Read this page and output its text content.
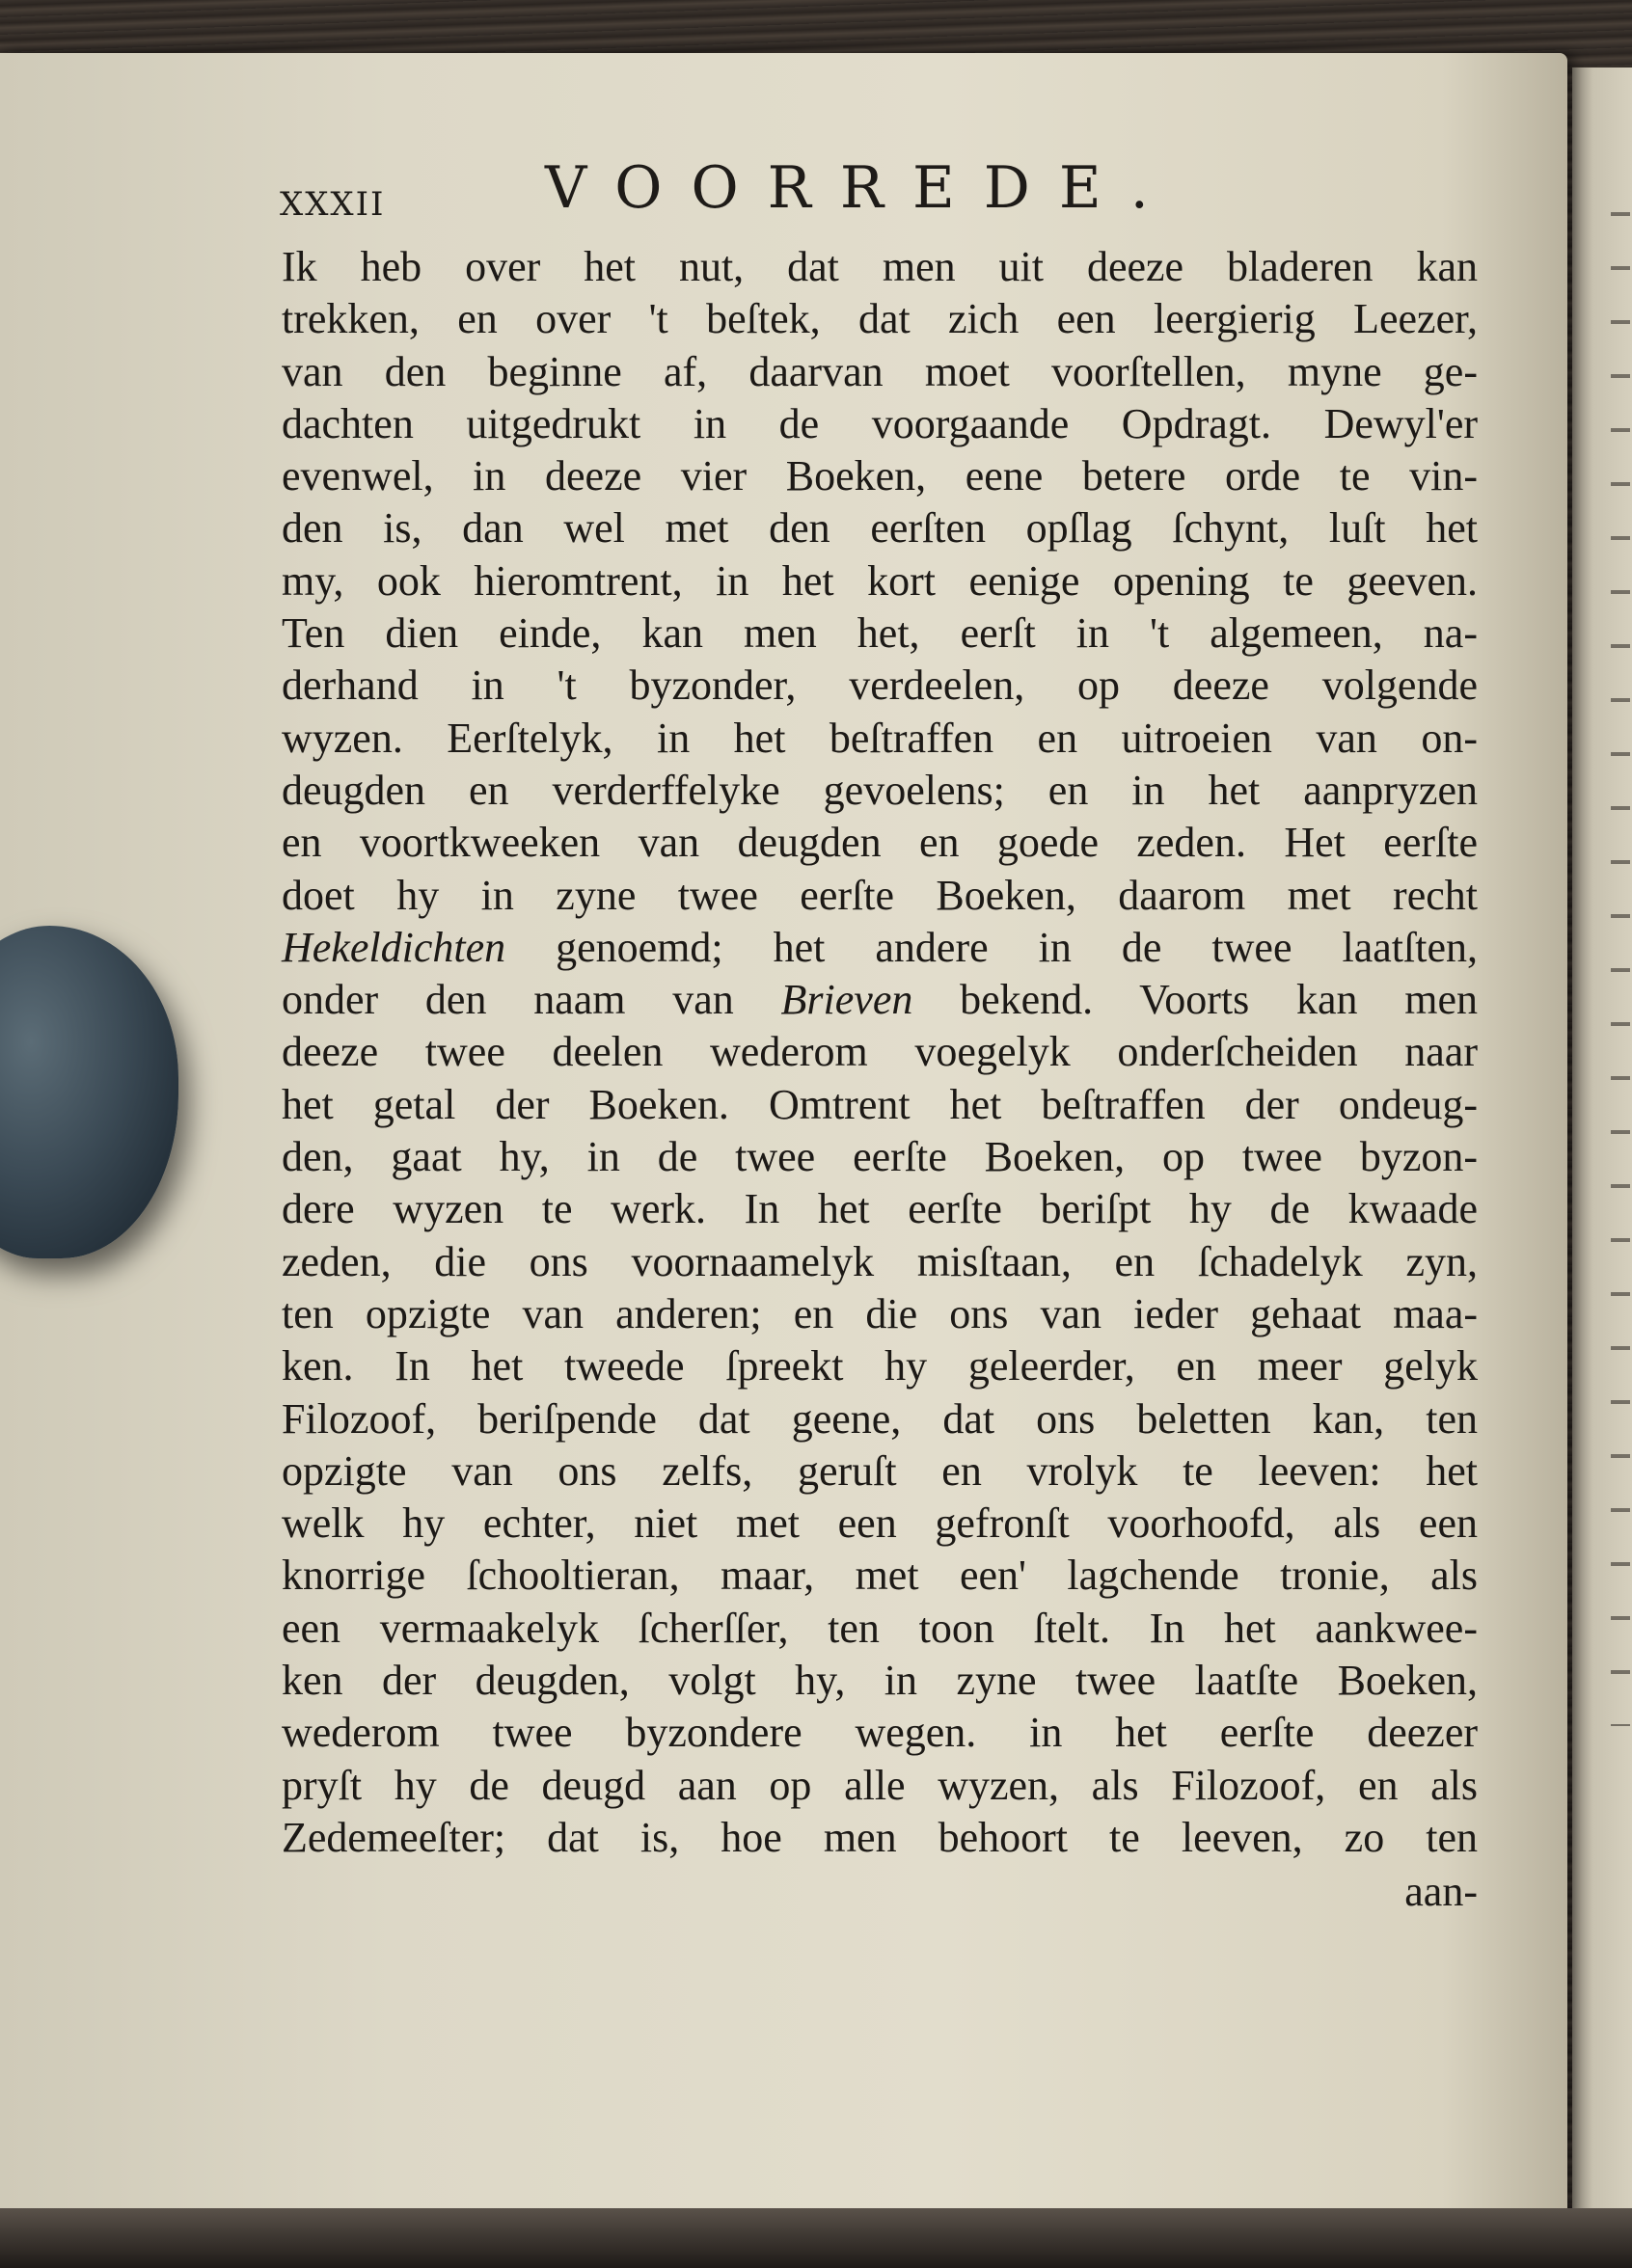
XXXII	VOORREDE.
Ik heb over het nut, dat men uit deeze bladeren kan
trekken, en over 't beſtek, dat zich een leergierig Leezer,
van den beginne af, daarvan moet voorſtellen, myne ge-
dachten uitgedrukt in de voorgaande Opdragt. Dewyl'er
evenwel, in deeze vier Boeken, eene betere orde te vin-
den is, dan wel met den eerſten opſlag ſchynt, luſt het
my, ook hieromtrent, in het kort eenige opening te geeven.
Ten dien einde, kan men het, eerſt in 't algemeen, na-
derhand in 't byzonder, verdeelen, op deeze volgende
wyzen. Eerſtelyk, in het beſtraffen en uitroeien van on-
deugden en verderffelyke gevoelens; en in het aanpryzen
en voortkweeken van deugden en goede zeden. Het eerſte
doet hy in zyne twee eerſte Boeken, daarom met recht
Hekeldichten genoemd; het andere in de twee laatſten,
onder den naam van Brieven bekend. Voorts kan men
deeze twee deelen wederom voegelyk onderſcheiden naar
het getal der Boeken. Omtrent het beſtraffen der ondeug-
den, gaat hy, in de twee eerſte Boeken, op twee byzon-
dere wyzen te werk. In het eerſte beriſpt hy de kwaade
zeden, die ons voornaamelyk misſtaan, en ſchadelyk zyn,
ten opzigte van anderen; en die ons van ieder gehaat maa-
ken. In het tweede ſpreekt hy geleerder, en meer gelyk
Filozoof, beriſpende dat geene, dat ons beletten kan, ten
opzigte van ons zelfs, geruſt en vrolyk te leeven: het
welk hy echter, niet met een gefronſt voorhoofd, als een
knorrige ſchooltieran, maar, met een' lagchende tronie, als
een vermaakelyk ſcherſſer, ten toon ſtelt. In het aankwee-
ken der deugden, volgt hy, in zyne twee laatſte Boeken,
wederom twee byzondere wegen. in het eerſte deezer
pryſt hy de deugd aan op alle wyzen, als Filozoof, en als
Zedemeeſter; dat is, hoe men behoort te leeven, zo ten
aan-
